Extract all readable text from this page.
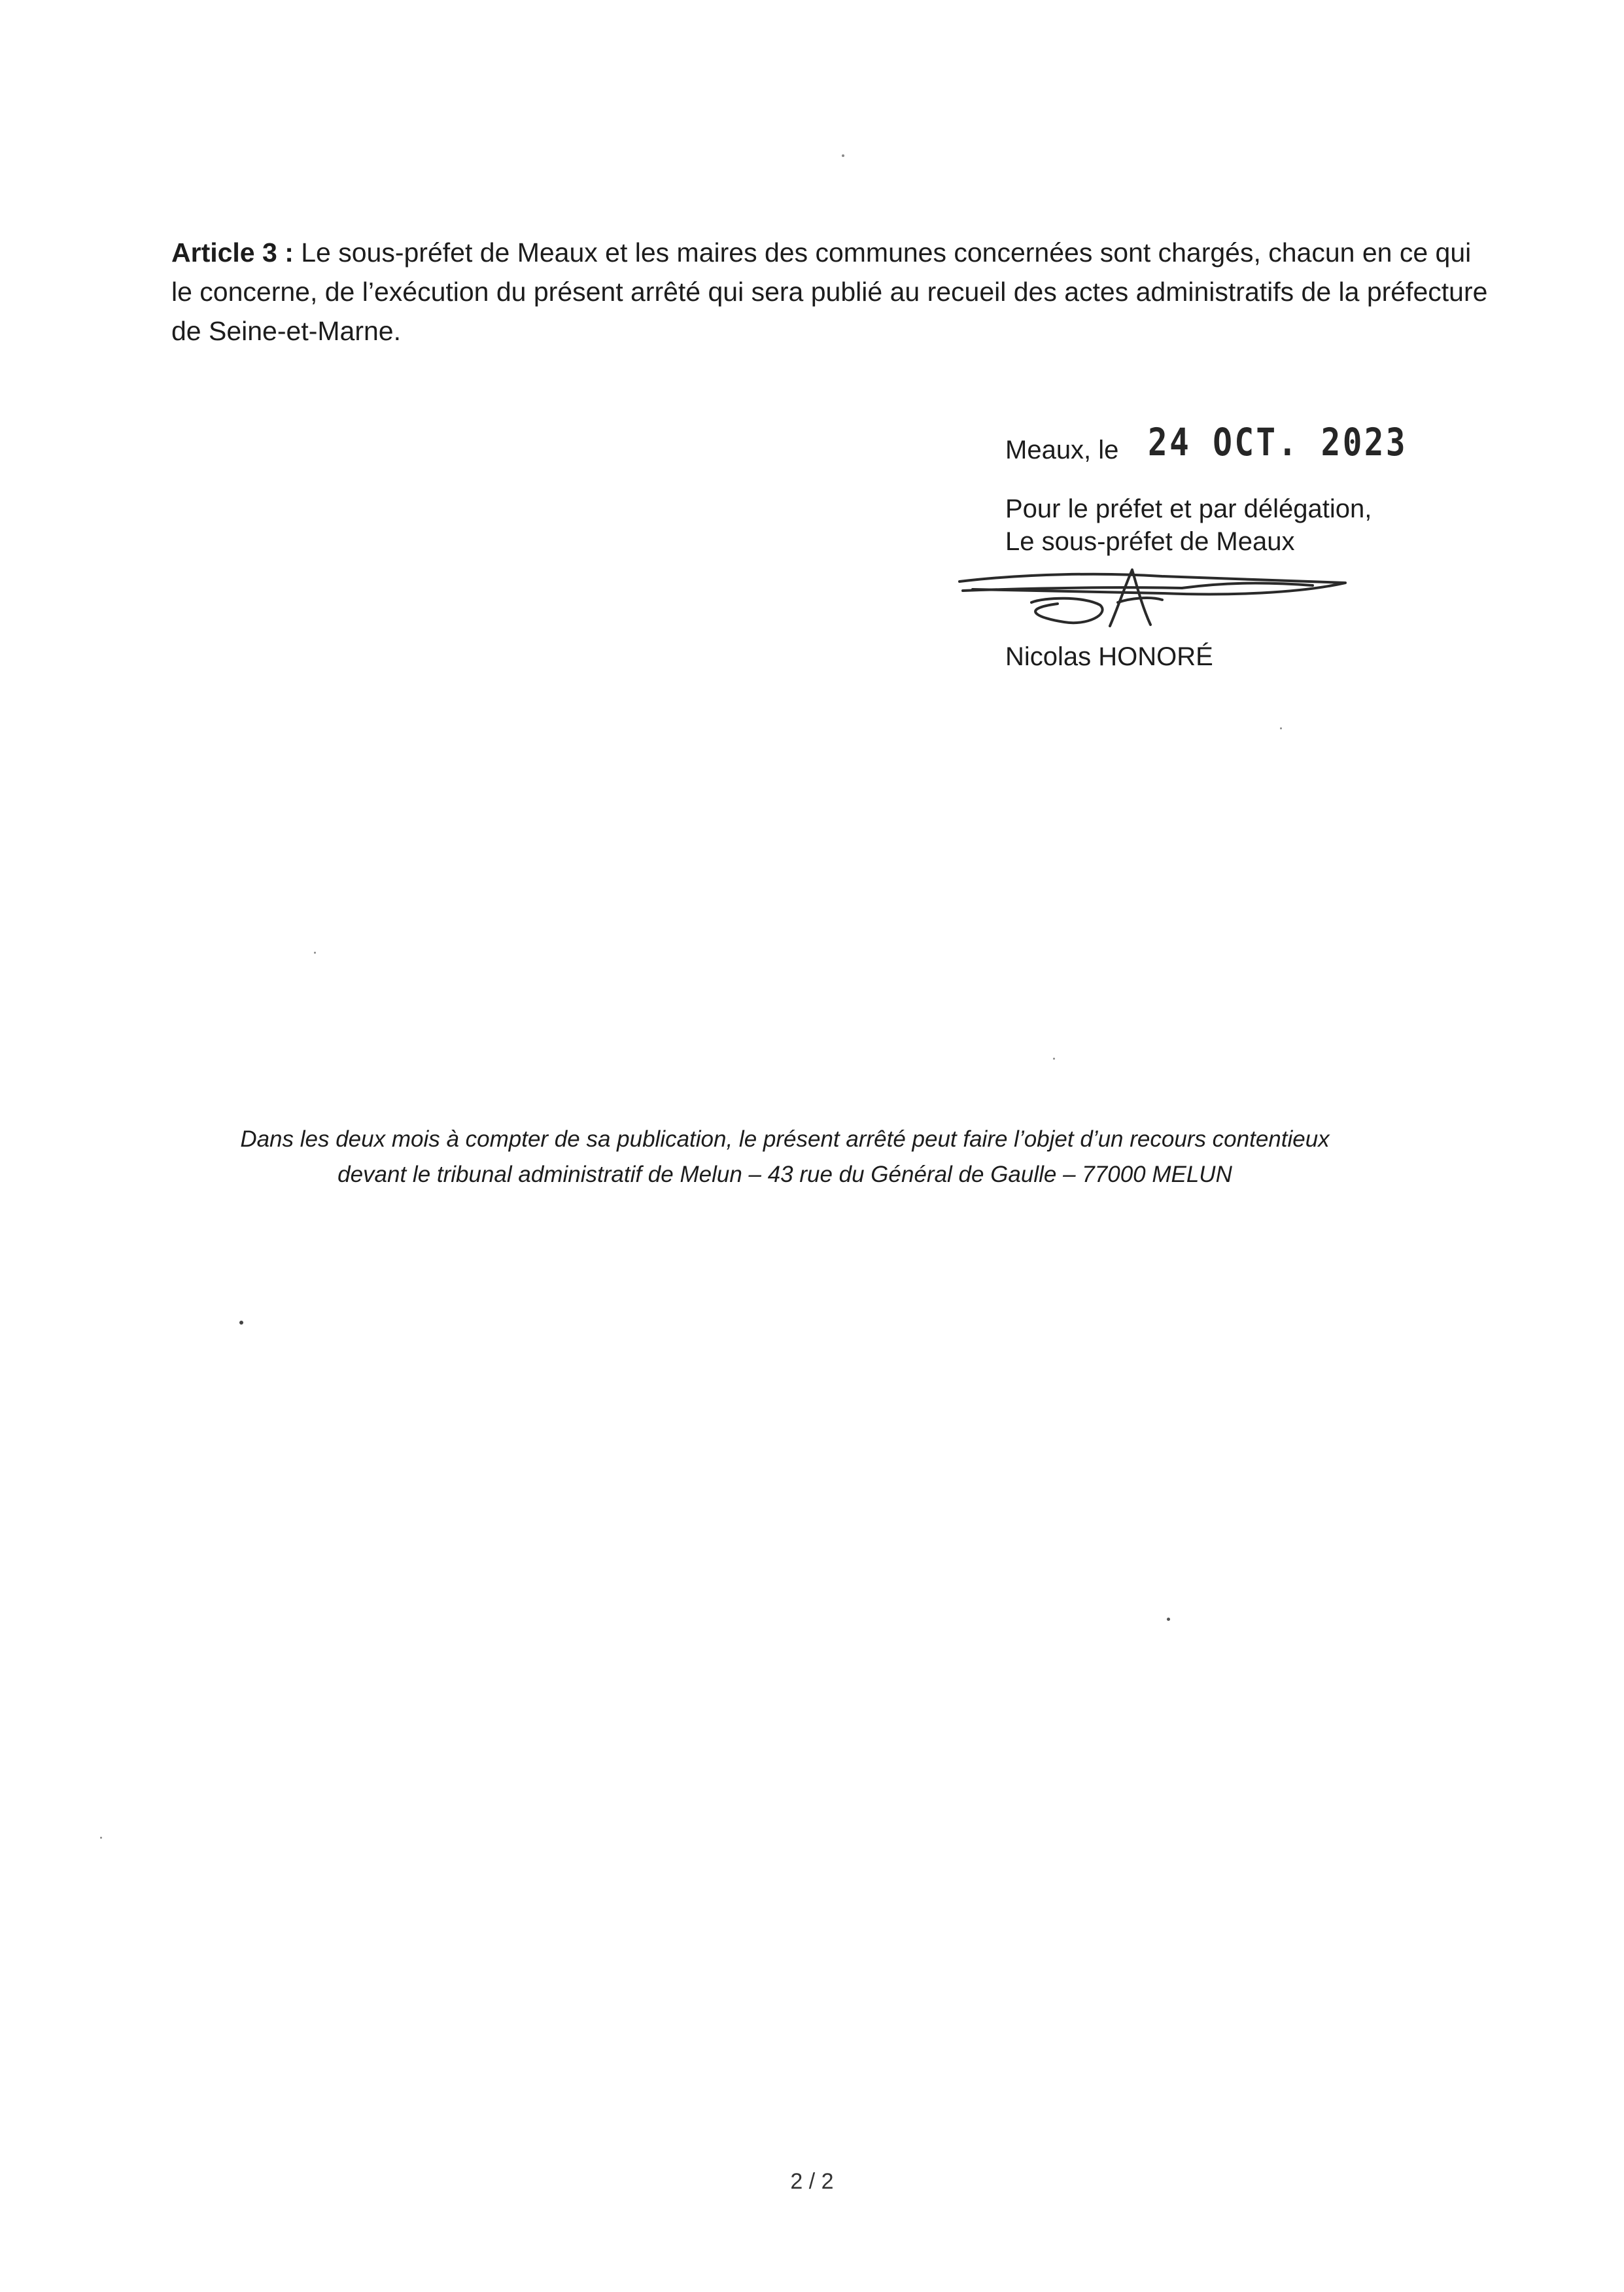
Article 3 : Le sous-préfet de Meaux et les maires des communes concernées sont chargés, chacun en ce qui le concerne, de l’exécution du présent arrêté qui sera publié au recueil des actes administratifs de la préfecture de Seine-et-Marne.

Meaux, le 24 OCT. 2023
Pour le préfet et par délégation,
Le sous-préfet de Meaux
Nicolas HONORÉ
Dans les deux mois à compter de sa publication, le présent arrêté peut faire l’objet d’un recours contentieux
devant le tribunal administratif de Melun – 43 rue du Général de Gaulle – 77000 MELUN
2 / 2
